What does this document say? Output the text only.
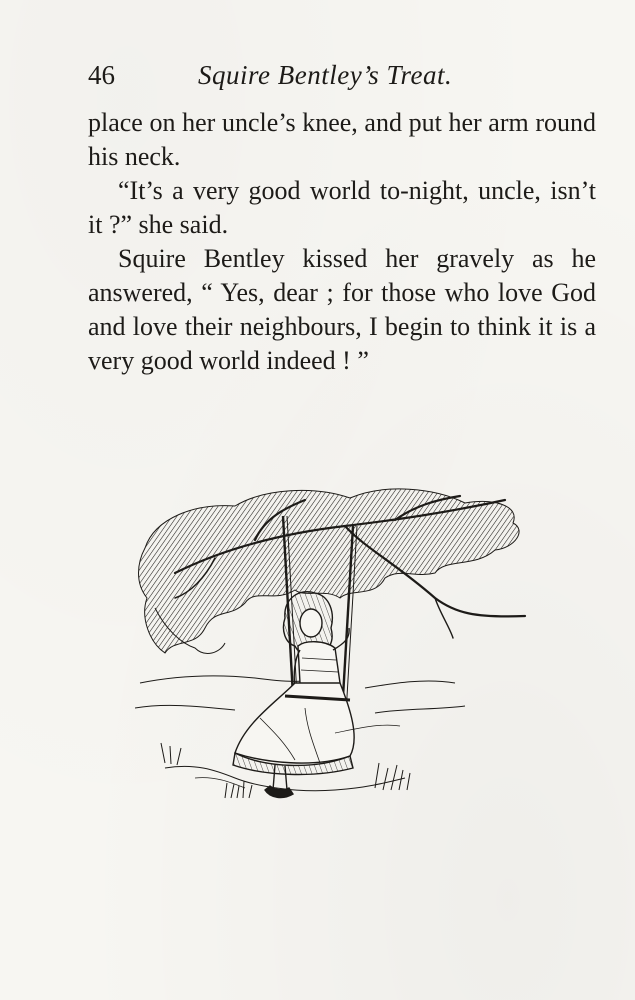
46	Squire Bentley’s Treat.

place on her uncle’s knee, and put her arm round his neck.

“It’s a very good world to-night, uncle, isn’t it ?” she said.

Squire Bentley kissed her gravely as he answered, “ Yes, dear ; for those who love God and love their neighbours, I begin to think it is a very good world indeed ! ”
